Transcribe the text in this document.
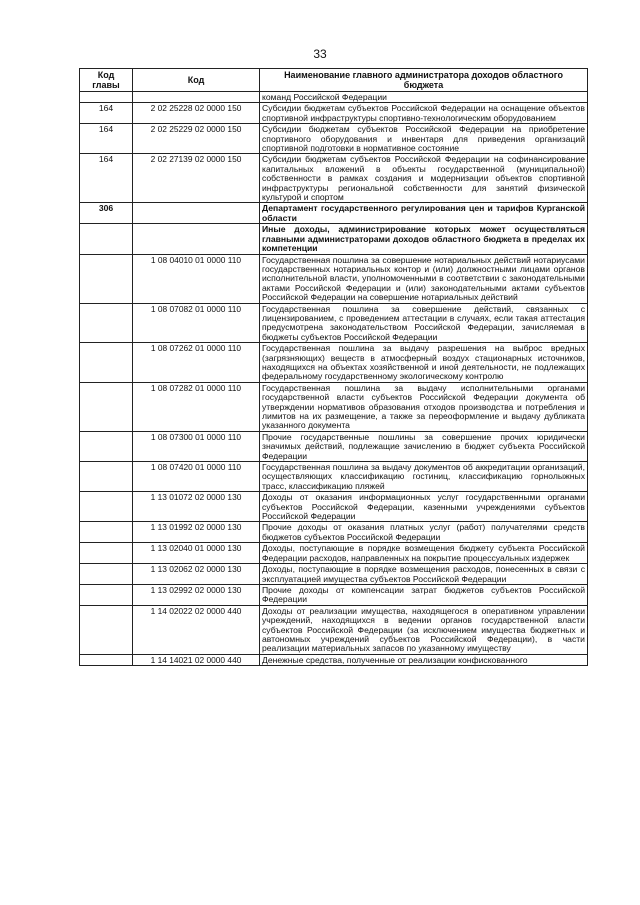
33
Код главы	Код	Наименование главного администратора доходов областного бюджета
		команд Российской Федерации
164	2 02 25228 02 0000 150	Субсидии бюджетам субъектов Российской Федерации на оснащение объектов спортивной инфраструктуры спортивно-технологическим оборудованием
164	2 02 25229 02 0000 150	Субсидии бюджетам субъектов Российской Федерации на приобретение спортивного оборудования и инвентаря для приведения организаций спортивной подготовки в нормативное состояние
164	2 02 27139 02 0000 150	Субсидии бюджетам субъектов Российской Федерации на софинансирование капитальных вложений в объекты государственной (муниципальной) собственности в рамках создания и модернизации объектов спортивной инфраструктуры региональной собственности для занятий физической культурой и спортом
306		Департамент государственного регулирования цен и тарифов Курганской области
		Иные доходы, администрирование которых может осуществляться главными администраторами доходов областного бюджета в пределах их компетенции
	1 08 04010 01 0000 110	Государственная пошлина за совершение нотариальных действий нотариусами государственных нотариальных контор и (или) должностными лицами органов исполнительной власти, уполномоченными в соответствии с законодательными актами Российской Федерации и (или) законодательными актами субъектов Российской Федерации на совершение нотариальных действий
	1 08 07082 01 0000 110	Государственная пошлина за совершение действий, связанных с лицензированием, с проведением аттестации в случаях, если такая аттестация предусмотрена законодательством Российской Федерации, зачисляемая в бюджеты субъектов Российской Федерации
	1 08 07262 01 0000 110	Государственная пошлина за выдачу разрешения на выброс вредных (загрязняющих) веществ в атмосферный воздух стационарных источников, находящихся на объектах хозяйственной и иной деятельности, не подлежащих федеральному государственному экологическому контролю
	1 08 07282 01 0000 110	Государственная пошлина за выдачу исполнительными органами государственной власти субъектов Российской Федерации документа об утверждении нормативов образования отходов производства и потребления и лимитов на их размещение, а также за переоформление и выдачу дубликата указанного документа
	1 08 07300 01 0000 110	Прочие государственные пошлины за совершение прочих юридически значимых действий, подлежащие зачислению в бюджет субъекта Российской Федерации
	1 08 07420 01 0000 110	Государственная пошлина за выдачу документов об аккредитации организаций, осуществляющих классификацию гостиниц, классификацию горнолыжных трасс, классификацию пляжей
	1 13 01072 02 0000 130	Доходы от оказания информационных услуг государственными органами субъектов Российской Федерации, казенными учреждениями субъектов Российской Федерации
	1 13 01992 02 0000 130	Прочие доходы от оказания платных услуг (работ) получателями средств бюджетов субъектов Российской Федерации
	1 13 02040 01 0000 130	Доходы, поступающие в порядке возмещения бюджету субъекта Российской Федерации расходов, направленных на покрытие процессуальных издержек
	1 13 02062 02 0000 130	Доходы, поступающие в порядке возмещения расходов, понесенных в связи с эксплуатацией имущества субъектов Российской Федерации
	1 13 02992 02 0000 130	Прочие доходы от компенсации затрат бюджетов субъектов Российской Федерации
	1 14 02022 02 0000 440	Доходы от реализации имущества, находящегося в оперативном управлении учреждений, находящихся в ведении органов государственной власти субъектов Российской Федерации (за исключением имущества бюджетных и автономных учреждений субъектов Российской Федерации), в части реализации материальных запасов по указанному имуществу
	1 14 14021 02 0000 440	Денежные средства, полученные от реализации конфискованного
